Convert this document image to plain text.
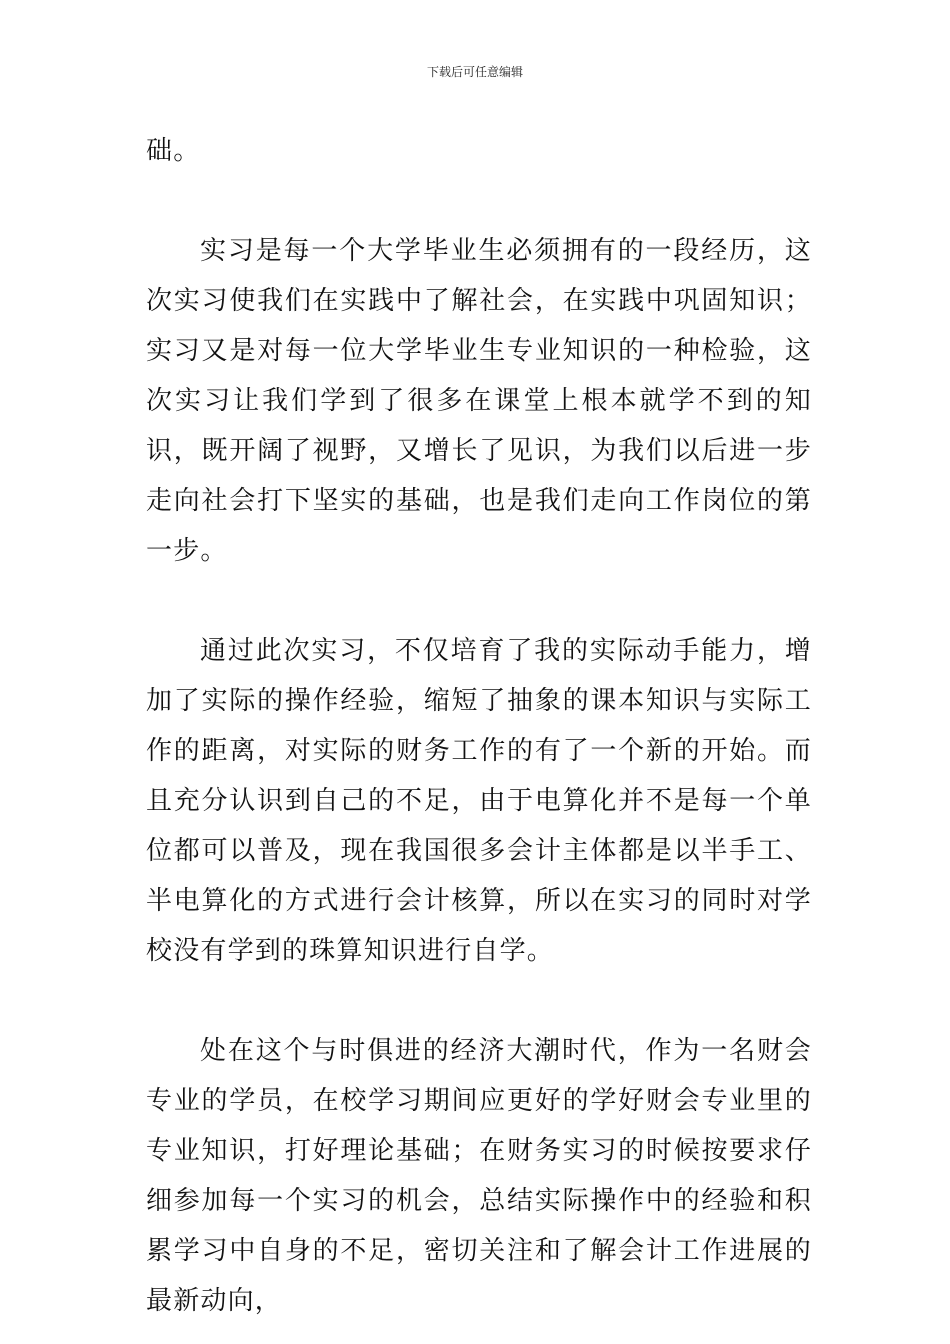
下载后可任意编辑

础。

实习是每一个大学毕业生必须拥有的一段经历，这次实习使我们在实践中了解社会，在实践中巩固知识；实习又是对每一位大学毕业生专业知识的一种检验，这次实习让我们学到了很多在课堂上根本就学不到的知识，既开阔了视野，又增长了见识，为我们以后进一步走向社会打下坚实的基础，也是我们走向工作岗位的第一步。

通过此次实习，不仅培育了我的实际动手能力，增加了实际的操作经验，缩短了抽象的课本知识与实际工作的距离，对实际的财务工作的有了一个新的开始。而且充分认识到自己的不足，由于电算化并不是每一个单位都可以普及，现在我国很多会计主体都是以半手工、半电算化的方式进行会计核算，所以在实习的同时对学校没有学到的珠算知识进行自学。

处在这个与时俱进的经济大潮时代，作为一名财会专业的学员，在校学习期间应更好的学好财会专业里的专业知识，打好理论基础；在财务实习的时候按要求仔细参加每一个实习的机会，总结实际操作中的经验和积累学习中自身的不足，密切关注和了解会计工作进展的最新动向，
